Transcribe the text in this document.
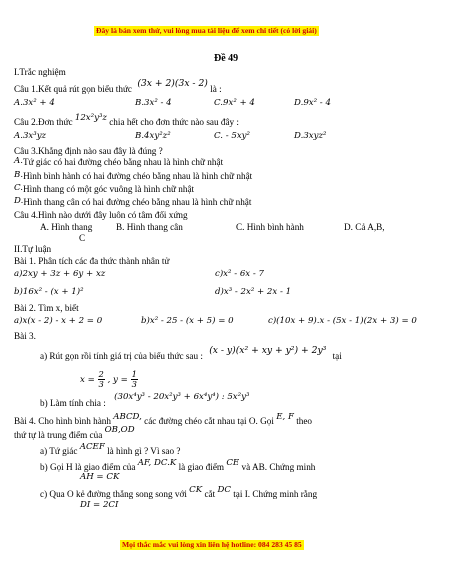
Đây là bản xem thử, vui lòng mua tài liệu để xem chi tiết (có lời giải)
Đề 49
I.Trắc nghiệm
Câu 1.Kết quả rút gọn biểu thức (3x + 2)(3x - 2) là :
A.3x² + 4	B.3x² - 4	C.9x² + 4	D.9x² - 4
Câu 2.Đơn thức 12x²y³z chia hết cho đơn thức nào sau đây :
A.3x³yz	B.4xy²z²	C. - 5xy²	D.3xyz²
Câu 3.Khẳng định nào sau đây là đúng ?
A.Tứ giác có hai đường chéo bằng nhau là hình chữ nhật
B.Hình bình hành có hai đường chéo bằng nhau là hình chữ nhật
C.Hình thang có một góc vuông là hình chữ nhật
D.Hình thang cân có hai đường chéo bằng nhau là hình chữ nhật
Câu 4.Hình nào dưới đây luôn có tâm đối xứng
A. Hình thang	B. Hình thang cân	C. Hình bình hành	D. Cả A,B,
C
II.Tự luận
Bài 1. Phân tích các đa thức thành nhân tử
a)2xy + 3z + 6y + xz	c)x² - 6x - 7
b)16x² - (x + 1)²	d)x³ - 2x² + 2x - 1
Bài 2. Tìm x, biết
a)x(x - 2) - x + 2 = 0	b)x² - 25 - (x + 5) = 0	c)(10x + 9).x - (5x - 1)(2x + 3) = 0
Bài 3.
a) Rút gọn rồi tính giá trị của biểu thức sau : (x - y)(x² + xy + y²) + 2y³ tại
$x = \frac{2}{3}$ , $y = \frac{1}{3}$
b) Làm tính chia : (30x⁴y³ - 20x²y³ + 6x⁴y⁴) : 5x²y³
Bài 4. Cho hình bình hành ABCD, các đường chéo cắt nhau tại O. Gọi E, F theo
thứ tự là trung điểm của OB,OD
a) Tứ giác ACEF là hình gì ? Vì sao ?
b) Gọi H là giao điểm của AF, DC.K là giao điểm CE và AB. Chứng minh
AH = CK
c) Qua O kẻ đường thẳng song song với CK cắt DC tại I. Chứng minh rằng
DI = 2CI
Mọi thắc mắc vui lòng xin liên hệ hotline: 084 283 45 85
